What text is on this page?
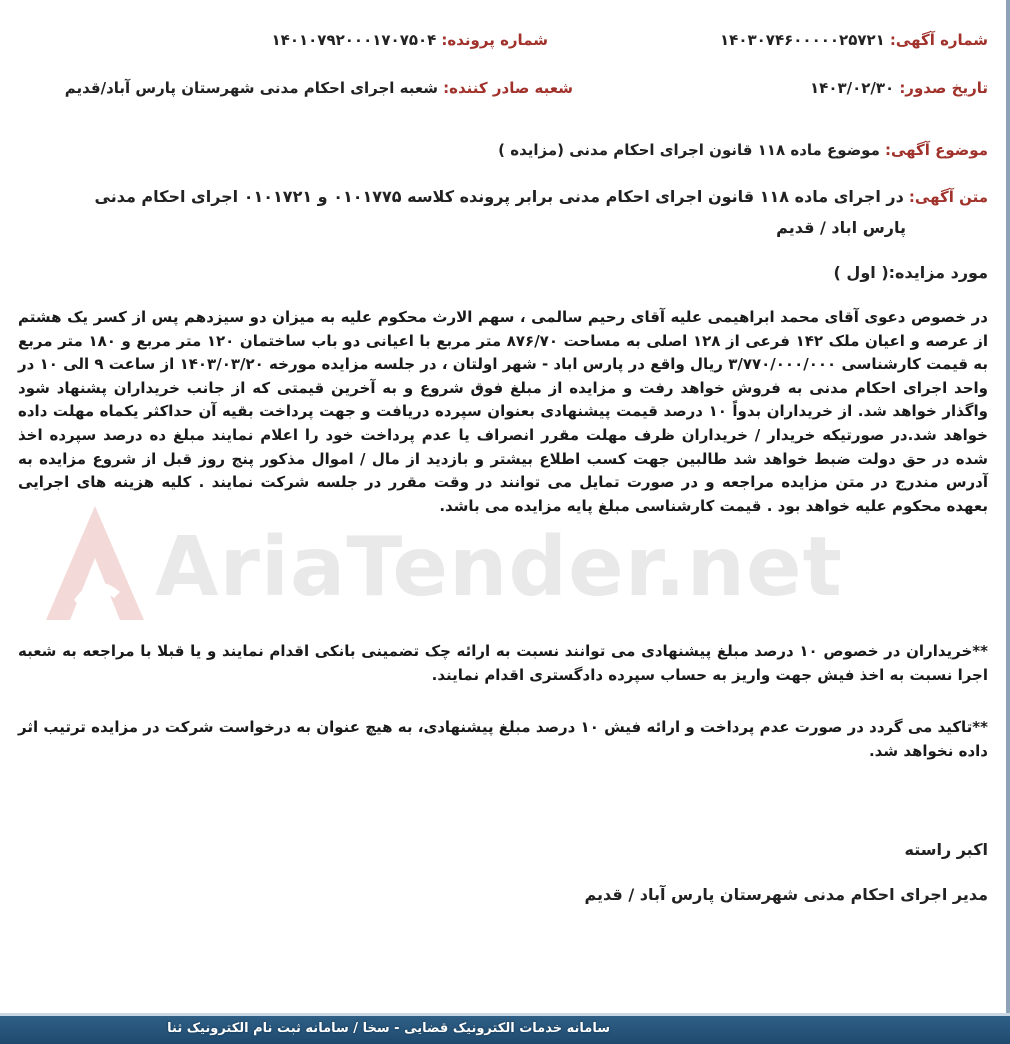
شماره آگهی: ۱۴۰۳۰۷۴۶۰۰۰۰۰۲۵۷۲۱
شماره پرونده: ۱۴۰۱۰۷۹۲۰۰۰۱۷۰۷۵۰۴
تاریخ صدور: ۱۴۰۳/۰۲/۳۰
شعبه صادر کننده: شعبه اجرای احکام مدنی شهرستان پارس آباد/قدیم
موضوع آگهی: موضوع ماده ۱۱۸ قانون اجرای احکام مدنی (مزایده )
متن آگهی: در اجرای ماده ۱۱۸ قانون اجرای احکام مدنی برابر پرونده کلاسه ۰۱۰۱۷۷۵ و ۰۱۰۱۷۲۱ اجرای احکام مدنی
پارس اباد / قدیم
مورد مزایده:( اول )
AriaTender.net
در خصوص دعوی آقای محمد ابراهیمی علیه آقای رحیم سالمی ، سهم الارث محکوم علیه به میزان دو سیزدهم پس از کسر یک هشتم از عرصه و اعیان ملک ۱۴۲ فرعی از ۱۲۸ اصلی به مساحت ۸۷۶/۷۰ متر مربع با اعیانی دو باب ساختمان ۱۲۰ متر مربع و ۱۸۰ متر مربع به قیمت کارشناسی ۳/۷۷۰/۰۰۰/۰۰۰ ریال واقع در پارس اباد - شهر اولتان ، در جلسه مزایده مورخه ۱۴۰۳/۰۳/۲۰ از ساعت ۹ الی ۱۰ در واحد اجرای احکام مدنی به فروش خواهد رفت و مزایده از مبلغ فوق شروع و به آخرین قیمتی که از جانب خریداران پشنهاد شود واگذار خواهد شد. از خریداران بدواً ۱۰ درصد قیمت پیشنهادی بعنوان سپرده دریافت و جهت پرداخت بقیه آن حداکثر یکماه مهلت داده خواهد شد.در صورتیکه خریدار / خریداران ظرف مهلت مقرر انصراف یا عدم پرداخت خود را اعلام نمایند مبلغ ده درصد سپرده اخذ شده در حق دولت ضبط خواهد شد طالبین جهت کسب اطلاع بیشتر و بازدید از مال / اموال مذکور پنج روز قبل از شروع مزایده به آدرس مندرج در متن مزایده مراجعه و در صورت تمایل می توانند در وقت مقرر در جلسه شرکت نمایند . کلیه هزینه های اجرایی بعهده محکوم علیه خواهد بود . قیمت کارشناسی مبلغ پایه مزایده می باشد.
**خریداران در خصوص ۱۰ درصد مبلغ پیشنهادی می توانند نسبت به ارائه چک تضمینی بانکی اقدام نمایند و یا قبلا با مراجعه به شعبه اجرا نسبت به اخذ فیش جهت واریز به حساب سپرده دادگستری اقدام نمایند.
**تاکید می گردد در صورت عدم پرداخت و ارائه فیش ۱۰ درصد مبلغ پیشنهادی، به هیچ عنوان به درخواست شرکت در مزایده ترتیب اثر داده نخواهد شد.
اکبر راسته
مدیر اجرای احکام مدنی شهرستان پارس آباد / قدیم
سامانه خدمات الکترونیک قضایی - سخا / سامانه ثبت نام الکترونیک ثنا
